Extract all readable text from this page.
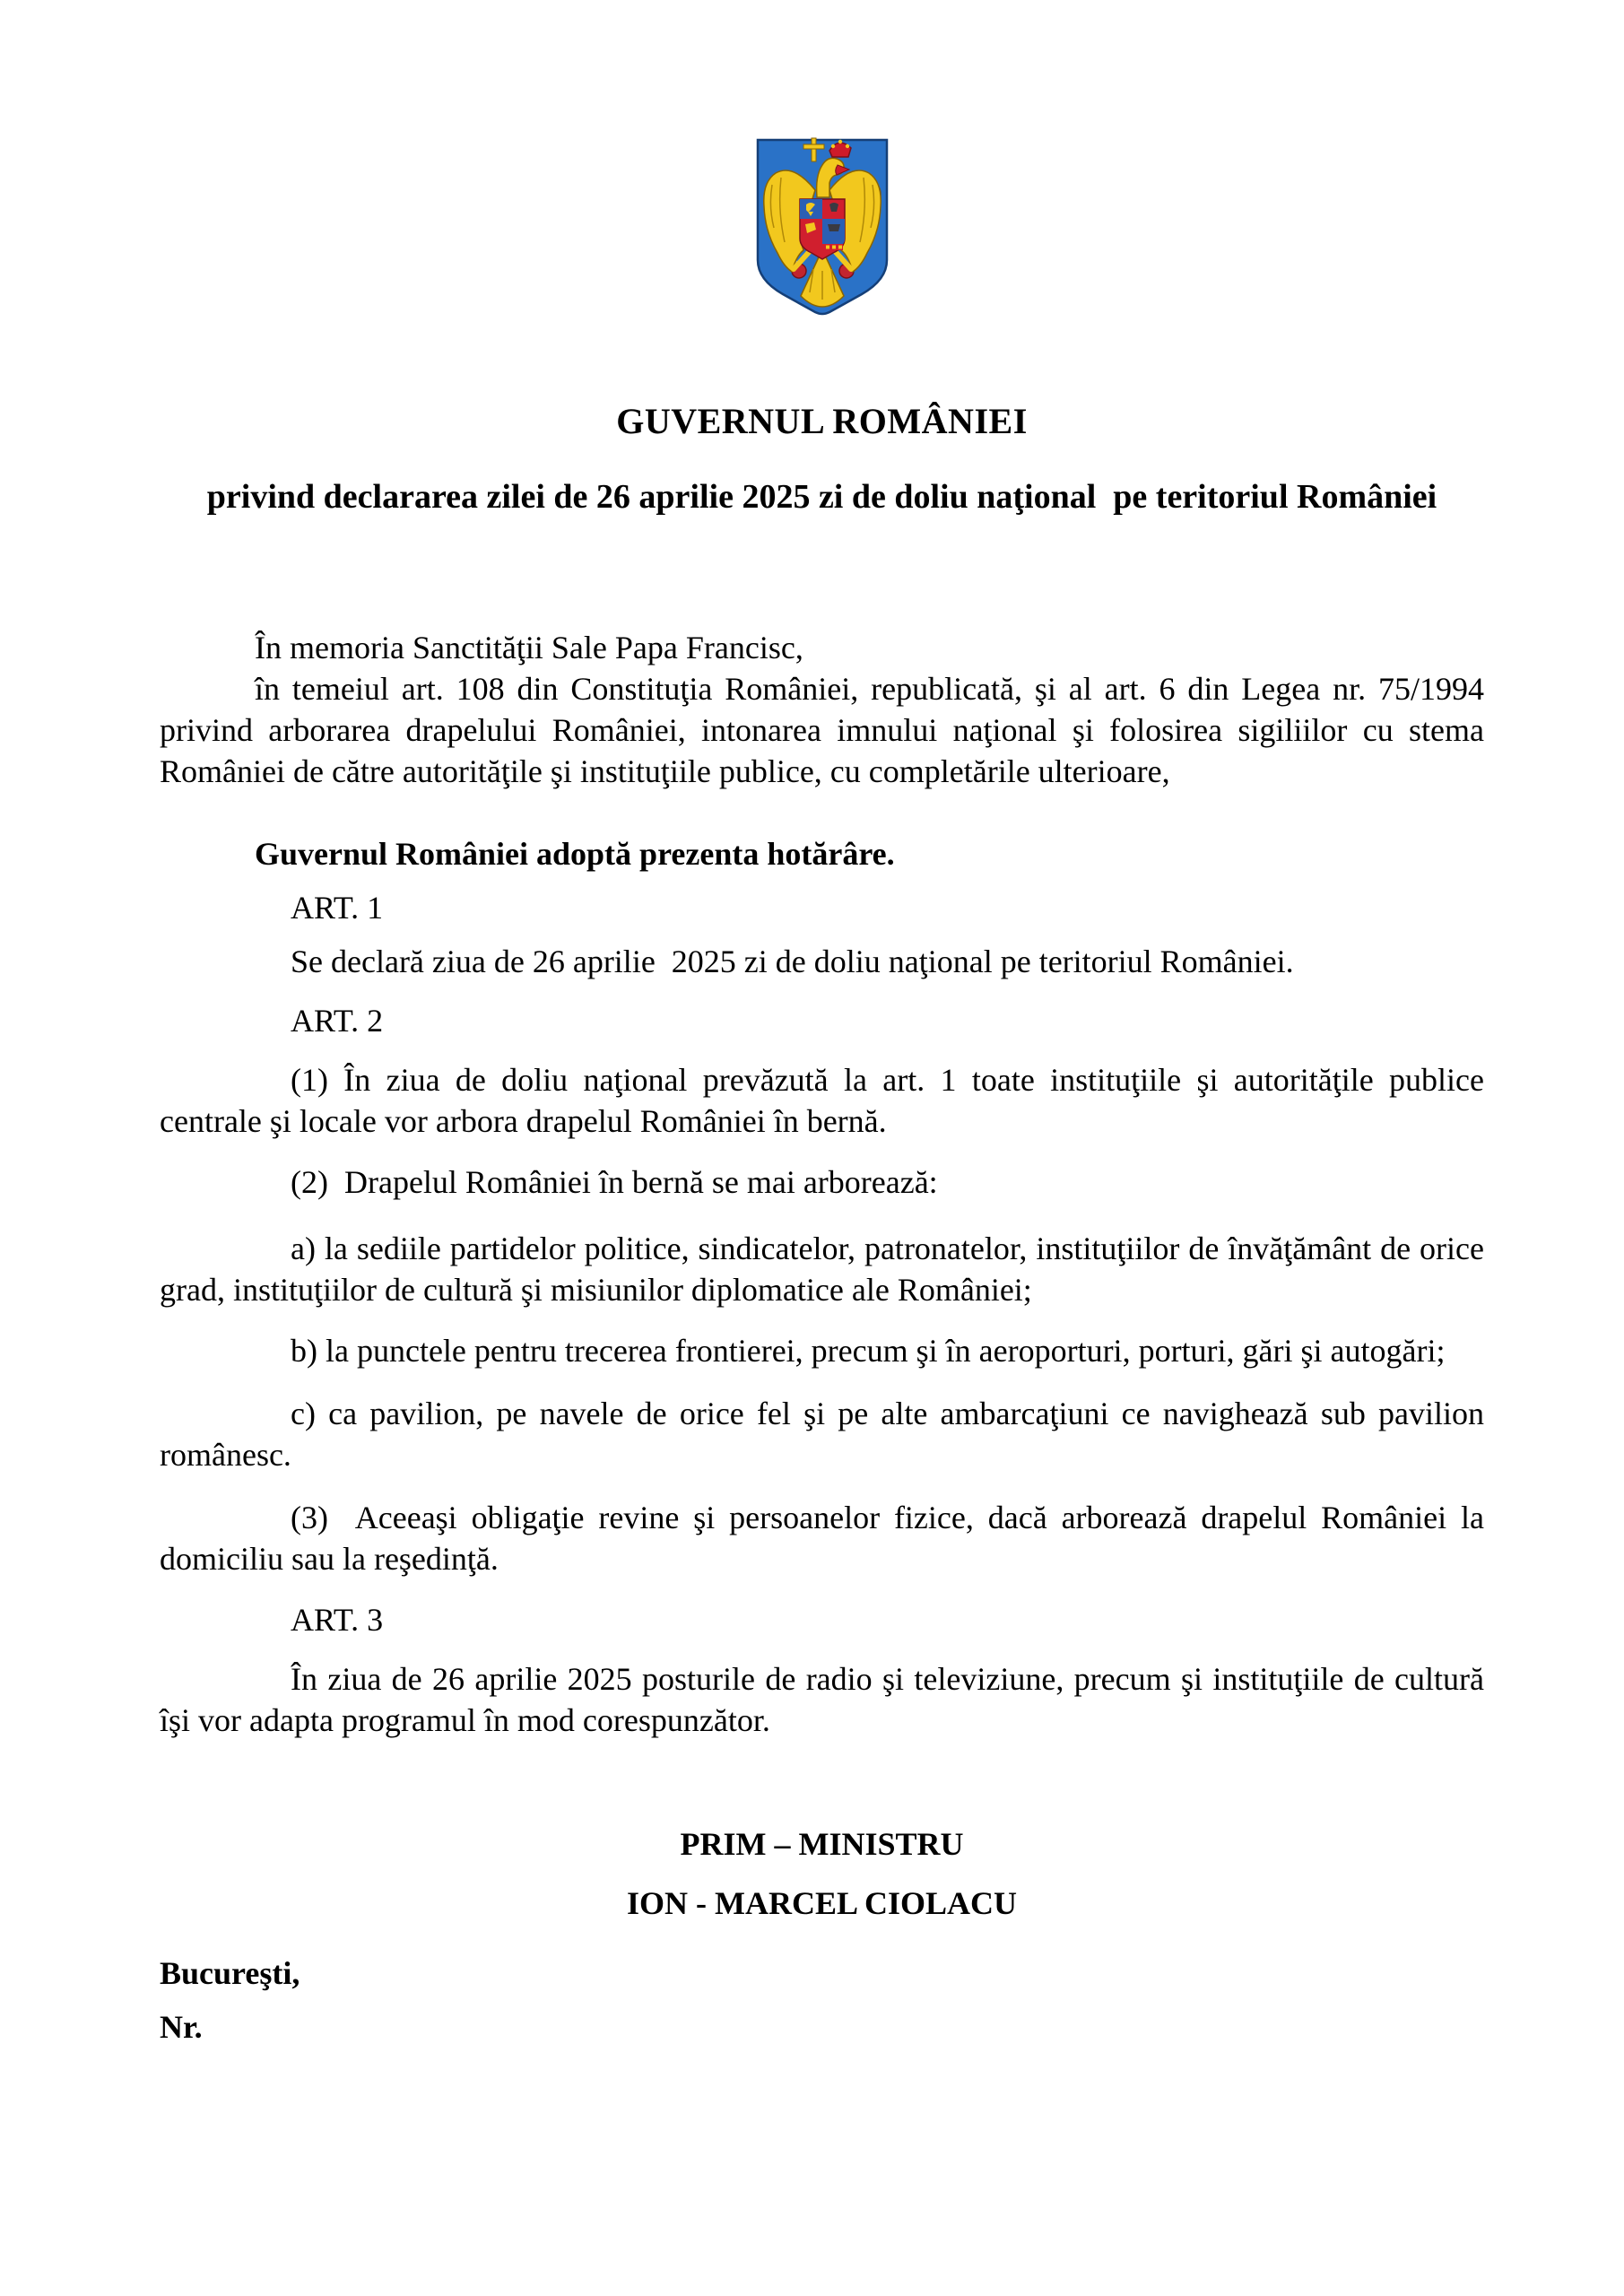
GUVERNUL ROMÂNIEI
privind declararea zilei de 26 aprilie 2025 zi de doliu naţional  pe teritoriul României

În memoria Sanctităţii Sale Papa Francisc,

în temeiul art. 108 din Constituţia României, republicată, şi al art. 6 din Legea nr. 75/1994 privind arborarea drapelului României, intonarea imnului naţional şi folosirea sigiliilor cu stema României de către autorităţile şi instituţiile publice, cu completările ulterioare,

Guvernul României adoptă prezenta hotărâre.

ART. 1

Se declară ziua de 26 aprilie  2025 zi de doliu naţional pe teritoriul României.

ART. 2

(1) În ziua de doliu naţional prevăzută la art. 1 toate instituţiile şi autorităţile publice centrale şi locale vor arbora drapelul României în bernă.

(2)  Drapelul României în bernă se mai arborează:

a) la sediile partidelor politice, sindicatelor, patronatelor, instituţiilor de învăţământ de orice grad, instituţiilor de cultură şi misiunilor diplomatice ale României;

b) la punctele pentru trecerea frontierei, precum şi în aeroporturi, porturi, gări şi autogări;

c) ca pavilion, pe navele de orice fel şi pe alte ambarcaţiuni ce navighează sub pavilion românesc.

(3)  Aceeaşi obligaţie revine şi persoanelor fizice, dacă arborează drapelul României la domiciliu sau la reşedinţă.

ART. 3

În ziua de 26 aprilie 2025 posturile de radio şi televiziune, precum şi instituţiile de cultură îşi vor adapta programul în mod corespunzător.

PRIM – MINISTRU

ION - MARCEL CIOLACU

Bucureşti,

Nr.
